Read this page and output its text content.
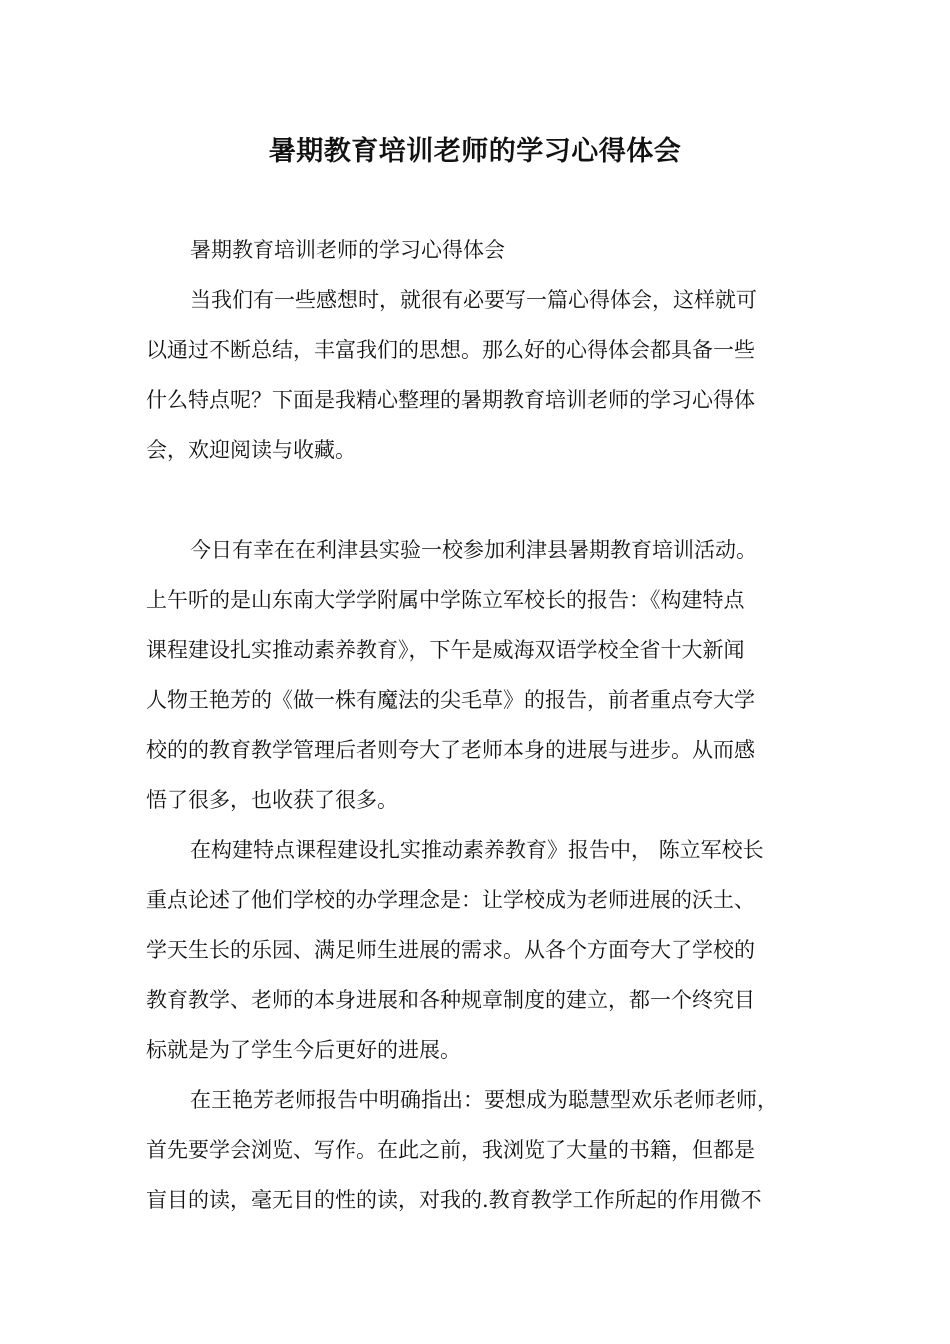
暑期教育培训老师的学习心得体会
暑期教育培训老师的学习心得体会
当我们有一些感想时，就很有必要写一篇心得体会，这样就可
以通过不断总结，丰富我们的思想。那么好的心得体会都具备一些
什么特点呢？下面是我精心整理的暑期教育培训老师的学习心得体
会，欢迎阅读与收藏。
今日有幸在在利津县实验一校参加利津县暑期教育培训活动。
上午听的是山东南大学学附属中学陈立军校长的报告：《构建特点
课程建设扎实推动素养教育》，下午是威海双语学校全省十大新闻
人物王艳芳的《做一株有魔法的尖毛草》的报告，前者重点夸大学
校的的教育教学管理后者则夸大了老师本身的进展与进步。从而感
悟了很多，也收获了很多。
在构建特点课程建设扎实推动素养教育》报告中， 陈立军校长
重点论述了他们学校的办学理念是：让学校成为老师进展的沃土、
学天生长的乐园、满足师生进展的需求。从各个方面夸大了学校的
教育教学、老师的本身进展和各种规章制度的建立，都一个终究目
标就是为了学生今后更好的进展。
在王艳芳老师报告中明确指出：要想成为聪慧型欢乐老师老师，
首先要学会浏览、写作。在此之前，我浏览了大量的书籍，但都是
盲目的读，毫无目的性的读，对我的.教育教学工作所起的作用微不
